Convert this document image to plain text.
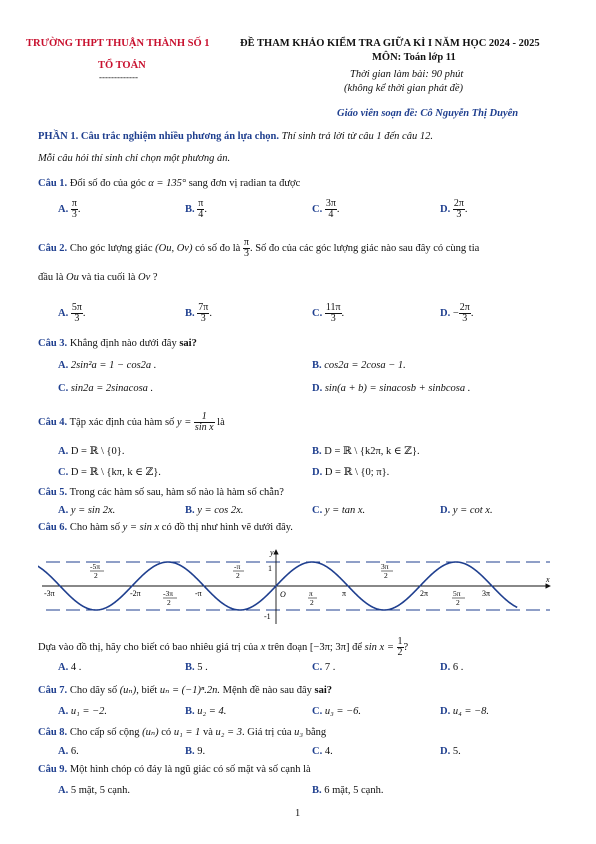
TRƯỜNG THPT THUẬN THÀNH SỐ 1	ĐỀ THAM KHẢO KIỂM TRA GIỮA KÌ I NĂM HỌC 2024 - 2025
TỔ TOÁN
-------------
MÔN: Toán lớp 11
Thời gian làm bài: 90 phút
(không kể thời gian phát đề)
Giáo viên soạn đề: Cô Nguyễn Thị Duyên
PHẦN 1. Câu trắc nghiệm nhiều phương án lựa chọn. Thí sinh trả lời từ câu 1 đến câu 12.
Mỗi câu hỏi thí sinh chỉ chọn một phương án.
Câu 1. Đổi số đo của góc α = 135° sang đơn vị radian ta được
A. $\frac{\pi}{3}$ .	B. $\frac{\pi}{4}$ .	C. $\frac{3\pi}{4}$ .	D. $\frac{2\pi}{3}$ .
Câu 2. Cho góc lượng giác (Ou, Ov) có số đo là $\frac{\pi}{3}$ . Số đo của các góc lượng giác nào sau đây có cùng tia
đầu là Ou và tia cuối là Ov ?
A. $\frac{5\pi}{3}$ .	B. $\frac{7\pi}{3}$ .	C. $\frac{11\pi}{3}$ .	D. − $\frac{2\pi}{3}$ .
Câu 3. Khẳng định nào dưới đây sai?
A. 2sin²a = 1 − cos2a .	B. cos2a = 2cosa − 1.
C. sin2a = 2sinacosa .	D. sin(a + b) = sinacosb + sinbcosa .
Câu 4. Tập xác định của hàm số $y = \frac{1}{\text{sin x}}$ là
A. D = ℝ \ {0}.	B. D = ℝ \ {k2π, k ∈ ℤ}.
C. D = ℝ \ {kπ, k ∈ ℤ}.	D. D = ℝ \ {0; π}.
Câu 5. Trong các hàm số sau, hàm số nào là hàm số chẵn?
A. y = sin 2x.	B. y = cos 2x.	C. y = tan x.	D. y = cot x.
Câu 6. Cho hàm số y = sin x có đồ thị như hình vẽ dưới đây.
y
x
O
1
-1
-3π	-2π	-π	π	2π	3π
-5π
2
-3π
2
-π
2
π
2
3π
2
5π
2
Dựa vào đồ thị, hãy cho biết có bao nhiêu giá trị của x trên đoạn [−3π; 3π] để $\sin x = \frac{1}{2}$ ?
A. 4 .	B. 5 .	C. 7 .	D. 6 .
Câu 7. Cho dãy số (uₙ), biết uₙ = (−1)ⁿ.2n. Mệnh đề nào sau đây sai?
A. u₁ = −2.	B. u₂ = 4.	C. u₃ = −6.	D. u₄ = −8.
Câu 8. Cho cấp số cộng (uₙ) có u₁ = 1 và u₂ = 3. Giá trị của u₃ bằng
A. 6.	B. 9.	C. 4.	D. 5.
Câu 9. Một hình chóp có đáy là ngũ giác có số mặt và số cạnh là
A. 5 mặt, 5 cạnh.	B. 6 mặt, 5 cạnh.
1
